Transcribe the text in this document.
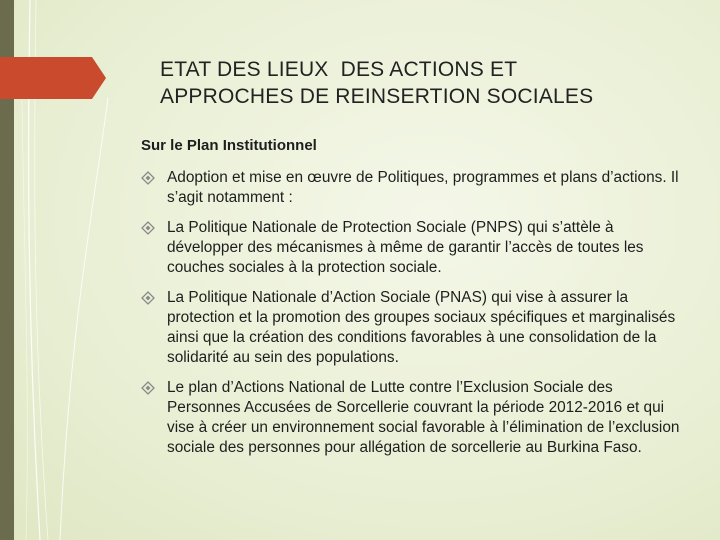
ETAT DES LIEUX  DES ACTIONS ET
APPROCHES DE REINSERTION SOCIALES
Sur le Plan Institutionnel
Adoption et mise en œuvre de Politiques, programmes et plans d’actions. Il s’agit notamment :
La Politique Nationale de Protection Sociale (PNPS) qui s’attèle à développer des mécanismes à même de garantir l’accès de toutes les couches sociales à la protection sociale.
La Politique Nationale d’Action Sociale (PNAS) qui vise à assurer la protection et la promotion des groupes sociaux spécifiques et marginalisés ainsi que la création des conditions favorables à une consolidation de la solidarité au sein des populations.
Le plan d’Actions National de Lutte contre l’Exclusion Sociale des Personnes Accusées de Sorcellerie couvrant la période 2012-2016 et qui vise à créer un environnement social favorable à l’élimination de l’exclusion sociale des personnes pour allégation de sorcellerie au Burkina Faso.
